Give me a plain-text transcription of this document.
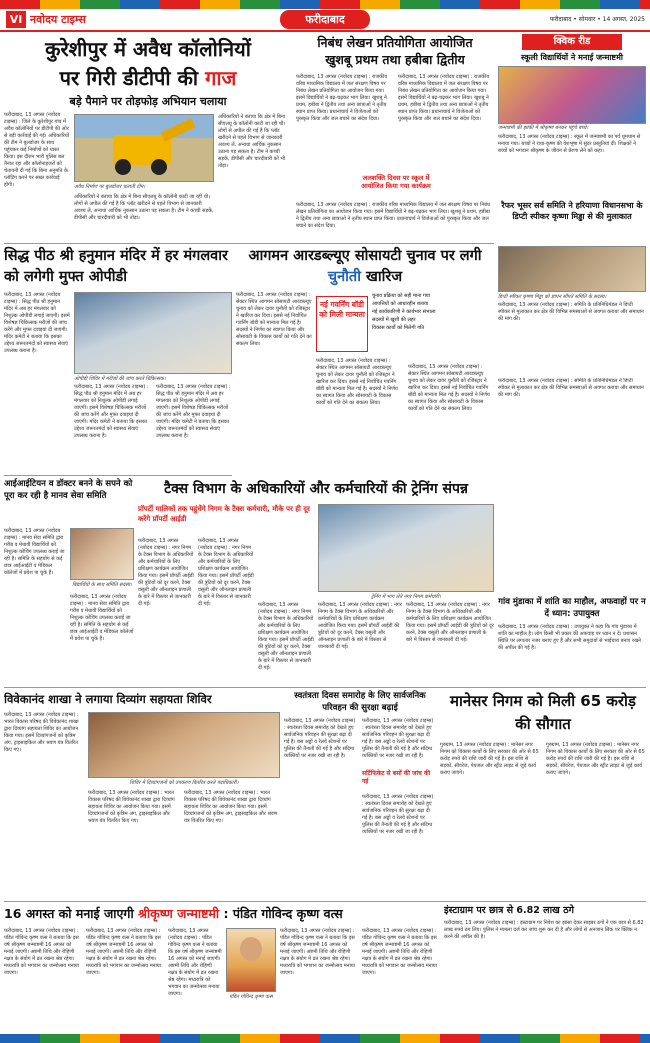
VI नवोदय टाइम्स	फरीदाबाद	फरीदाबाद • सोमवार • 14 अगस्त, 2025
कुरेशीपुर में अवैध कॉलोनियों
पर गिरी डीटीपी की गाज
बड़े पैमाने पर तोड़फोड़ अभियान चलाया
फरीदाबाद, 13 अगस्त (नवोदय टाइम्स) : जिले के कुरेशीपुर गांव में अवैध कॉलोनियों पर डीटीपी की ओर से बड़ी कार्रवाई की गई। अधिकारियों की टीम ने बुलडोजर के साथ पहुंचकर कई निर्माणों को ध्वस्त किया। इस दौरान भारी पुलिस बल तैनात रहा और कॉलोनाइजरों को चेतावनी दी गई कि बिना अनुमति के प्लॉटिंग करने पर सख्त कार्रवाई होगी।	अवैध निर्माण पर बुलडोजर चलाती टीम।
अधिकारियों ने बताया कि क्षेत्र में बिना सीएलयू के कॉलोनी काटी जा रही थी। लोगों से अपील की गई है कि प्लॉट खरीदने से पहले विभाग से जानकारी अवश्य लें, अन्यथा आर्थिक नुकसान उठाना पड़ सकता है। टीम ने कच्ची सड़कें, डीपीसी और चारदीवारी को भी तोड़ा।
अधिकारियों ने बताया कि क्षेत्र में बिना सीएलयू के कॉलोनी काटी जा रही थी। लोगों से अपील की गई है कि प्लॉट खरीदने से पहले विभाग से जानकारी अवश्य लें, अन्यथा आर्थिक नुकसान उठाना पड़ सकता है। टीम ने कच्ची सड़कें, डीपीसी और चारदीवारी को भी तोड़ा।
निबंध लेखन प्रतियोगिता आयोजित
खुशबू प्रथम तथा हबीबा द्वितीय
फरीदाबाद, 13 अगस्त (नवोदय टाइम्स) : राजकीय वरिष्ठ माध्यमिक विद्यालय में जल संरक्षण विषय पर निबंध लेखन प्रतियोगिता का आयोजन किया गया। इसमें विद्यार्थियों ने बढ़-चढ़कर भाग लिया। खुशबू ने प्रथम, हबीबा ने द्वितीय तथा अन्य छात्राओं ने तृतीय स्थान प्राप्त किया। प्रधानाचार्य ने विजेताओं को पुरस्कृत किया और जल बचाने का संदेश दिया।
फरीदाबाद, 13 अगस्त (नवोदय टाइम्स) : राजकीय वरिष्ठ माध्यमिक विद्यालय में जल संरक्षण विषय पर निबंध लेखन प्रतियोगिता का आयोजन किया गया। इसमें विद्यार्थियों ने बढ़-चढ़कर भाग लिया। खुशबू ने प्रथम, हबीबा ने द्वितीय तथा अन्य छात्राओं ने तृतीय स्थान प्राप्त किया। प्रधानाचार्य ने विजेताओं को पुरस्कृत किया और जल बचाने का संदेश दिया।
जलशक्ति दिवस पर स्कूल में आयोजित किया गया कार्यक्रम
फरीदाबाद, 13 अगस्त (नवोदय टाइम्स) : राजकीय वरिष्ठ माध्यमिक विद्यालय में जल संरक्षण विषय पर निबंध लेखन प्रतियोगिता का आयोजन किया गया। इसमें विद्यार्थियों ने बढ़-चढ़कर भाग लिया। खुशबू ने प्रथम, हबीबा ने द्वितीय तथा अन्य छात्राओं ने तृतीय स्थान प्राप्त किया। प्रधानाचार्य ने विजेताओं को पुरस्कृत किया और जल बचाने का संदेश दिया।
क्विक रीड
स्कूली विद्यार्थियों ने मनाई जन्माष्टमी
जन्माष्टमी की झांकी में श्रीकृष्ण बनकर पहुंचे बच्चे।
फरीदाबाद, 13 अगस्त (नवोदय टाइम्स) : स्कूल में जन्माष्टमी का पर्व धूमधाम से मनाया गया। बच्चों ने राधा-कृष्ण की वेशभूषा में सुंदर प्रस्तुतियां दीं। शिक्षकों ने बच्चों को भगवान श्रीकृष्ण के जीवन से प्रेरणा लेने को कहा।
रैफर भूसर सर्व समिति ने हरियाणा विधानसभा के डिप्टी स्पीकर कृष्णा मिड्ढा से की मुलाकात
डिप्टी स्पीकर कृष्णा मिड्ढा को ज्ञापन सौंपते समिति के सदस्य।
फरीदाबाद, 13 अगस्त (नवोदय टाइम्स) : समिति के प्रतिनिधिमंडल ने डिप्टी स्पीकर से मुलाकात कर क्षेत्र की विभिन्न समस्याओं से अवगत कराया और समाधान की मांग की।
सिद्ध पीठ श्री हनुमान मंदिर में हर मंगलवार को लगेगी मुफ्त ओपीडी
फरीदाबाद, 13 अगस्त (नवोदय टाइम्स) : सिद्ध पीठ श्री हनुमान मंदिर में अब हर मंगलवार को निशुल्क ओपीडी लगाई जाएगी। इसमें विशेषज्ञ चिकित्सक मरीजों की जांच करेंगे और मुफ्त दवाइयां दी जाएंगी। मंदिर कमेटी ने बताया कि इसका उद्देश्य जरूरतमंदों को स्वास्थ्य सेवाएं उपलब्ध कराना है।
ओपीडी शिविर में मरीजों की जांच करते चिकित्सक।
फरीदाबाद, 13 अगस्त (नवोदय टाइम्स) : सिद्ध पीठ श्री हनुमान मंदिर में अब हर मंगलवार को निशुल्क ओपीडी लगाई जाएगी। इसमें विशेषज्ञ चिकित्सक मरीजों की जांच करेंगे और मुफ्त दवाइयां दी जाएंगी। मंदिर कमेटी ने बताया कि इसका उद्देश्य जरूरतमंदों को स्वास्थ्य सेवाएं उपलब्ध कराना है।
फरीदाबाद, 13 अगस्त (नवोदय टाइम्स) : सिद्ध पीठ श्री हनुमान मंदिर में अब हर मंगलवार को निशुल्क ओपीडी लगाई जाएगी। इसमें विशेषज्ञ चिकित्सक मरीजों की जांच करेंगे और मुफ्त दवाइयां दी जाएंगी। मंदिर कमेटी ने बताया कि इसका उद्देश्य जरूरतमंदों को स्वास्थ्य सेवाएं उपलब्ध कराना है।
आगमन आरडब्ल्यूए सोसायटी चुनाव पर लगी चुनौती खारिज
फरीदाबाद, 13 अगस्त (नवोदय टाइम्स) : सेक्टर स्थित आगमन सोसायटी आरडब्ल्यूए चुनाव को लेकर दायर चुनौती को रजिस्ट्रार ने खारिज कर दिया। इससे नई निर्वाचित गवर्निंग बॉडी को मान्यता मिल गई है। सदस्यों ने निर्णय का स्वागत किया और सोसायटी के विकास कार्यों को गति देने का संकल्प लिया।
नई गवर्निंग बॉडी को मिली मान्यता
चुनाव प्रक्रिया को सही माना गया
आपत्तियों को आधारहीन बताया
नई कार्यकारिणी ने कार्यभार संभाला
सदस्यों में खुशी की लहर
विकास कार्यों को मिलेगी गति
फरीदाबाद, 13 अगस्त (नवोदय टाइम्स) : सेक्टर स्थित आगमन सोसायटी आरडब्ल्यूए चुनाव को लेकर दायर चुनौती को रजिस्ट्रार ने खारिज कर दिया। इससे नई निर्वाचित गवर्निंग बॉडी को मान्यता मिल गई है। सदस्यों ने निर्णय का स्वागत किया और सोसायटी के विकास कार्यों को गति देने का संकल्प लिया।
फरीदाबाद, 13 अगस्त (नवोदय टाइम्स) : सेक्टर स्थित आगमन सोसायटी आरडब्ल्यूए चुनाव को लेकर दायर चुनौती को रजिस्ट्रार ने खारिज कर दिया। इससे नई निर्वाचित गवर्निंग बॉडी को मान्यता मिल गई है। सदस्यों ने निर्णय का स्वागत किया और सोसायटी के विकास कार्यों को गति देने का संकल्प लिया।
आईआईटियन व डॉक्टर बनने के सपने को पूरा कर रही है मानव सेवा समिति
फरीदाबाद, 13 अगस्त (नवोदय टाइम्स) : मानव सेवा समिति द्वारा गरीब व मेधावी विद्यार्थियों को निशुल्क कोचिंग उपलब्ध कराई जा रही है। समिति के सहयोग से कई छात्र आईआईटी व मेडिकल कॉलेजों में प्रवेश पा चुके हैं।
विद्यार्थियों के साथ समिति सदस्य।
फरीदाबाद, 13 अगस्त (नवोदय टाइम्स) : मानव सेवा समिति द्वारा गरीब व मेधावी विद्यार्थियों को निशुल्क कोचिंग उपलब्ध कराई जा रही है। समिति के सहयोग से कई छात्र आईआईटी व मेडिकल कॉलेजों में प्रवेश पा चुके हैं।
टैक्स विभाग के अधिकारियों और कर्मचारियों की ट्रेनिंग संपन्न
प्रॉपर्टी मालिकों तक पहुंचेंगे निगम के टैक्स कर्मचारी, मौके पर ही दूर करेंगे प्रॉपर्टी आईडी
फरीदाबाद, 13 अगस्त (नवोदय टाइम्स) : नगर निगम के टैक्स विभाग के अधिकारियों और कर्मचारियों के लिए प्रशिक्षण कार्यक्रम आयोजित किया गया। इसमें प्रॉपर्टी आईडी की त्रुटियों को दूर करने, टैक्स वसूली और ऑनलाइन प्रणाली के बारे में विस्तार से जानकारी दी गई।
फरीदाबाद, 13 अगस्त (नवोदय टाइम्स) : नगर निगम के टैक्स विभाग के अधिकारियों और कर्मचारियों के लिए प्रशिक्षण कार्यक्रम आयोजित किया गया। इसमें प्रॉपर्टी आईडी की त्रुटियों को दूर करने, टैक्स वसूली और ऑनलाइन प्रणाली के बारे में विस्तार से जानकारी दी गई।
ट्रेनिंग में भाग लेते नगर निगम कर्मचारी।
फरीदाबाद, 13 अगस्त (नवोदय टाइम्स) : नगर निगम के टैक्स विभाग के अधिकारियों और कर्मचारियों के लिए प्रशिक्षण कार्यक्रम आयोजित किया गया। इसमें प्रॉपर्टी आईडी की त्रुटियों को दूर करने, टैक्स वसूली और ऑनलाइन प्रणाली के बारे में विस्तार से जानकारी दी गई।
फरीदाबाद, 13 अगस्त (नवोदय टाइम्स) : नगर निगम के टैक्स विभाग के अधिकारियों और कर्मचारियों के लिए प्रशिक्षण कार्यक्रम आयोजित किया गया। इसमें प्रॉपर्टी आईडी की त्रुटियों को दूर करने, टैक्स वसूली और ऑनलाइन प्रणाली के बारे में विस्तार से जानकारी दी गई।
फरीदाबाद, 13 अगस्त (नवोदय टाइम्स) : नगर निगम के टैक्स विभाग के अधिकारियों और कर्मचारियों के लिए प्रशिक्षण कार्यक्रम आयोजित किया गया। इसमें प्रॉपर्टी आईडी की त्रुटियों को दूर करने, टैक्स वसूली और ऑनलाइन प्रणाली के बारे में विस्तार से जानकारी दी गई।
फरीदाबाद, 13 अगस्त (नवोदय टाइम्स) : समिति के प्रतिनिधिमंडल ने डिप्टी स्पीकर से मुलाकात कर क्षेत्र की विभिन्न समस्याओं से अवगत कराया और समाधान की मांग की।
गांव मुंडाका में शांति का माहौल, अफवाहों पर न दें ध्यान: उपायुक्त
फरीदाबाद, 13 अगस्त (नवोदय टाइम्स) : उपायुक्त ने कहा कि गांव मुंडाका में शांति का माहौल है। लोग किसी भी प्रकार की अफवाह पर ध्यान न दें। प्रशासन स्थिति पर लगातार नजर बनाए हुए है और सभी समुदायों से भाईचारा बनाए रखने की अपील की गई है।
विवेकानंद शाखा ने लगाया दिव्यांग सहायता शिविर
फरीदाबाद, 13 अगस्त (नवोदय टाइम्स) : भारत विकास परिषद की विवेकानंद शाखा द्वारा दिव्यांग सहायता शिविर का आयोजन किया गया। इसमें दिव्यांगजनों को कृत्रिम अंग, ट्राइसाइकिल और श्रवण यंत्र वितरित किए गए।
शिविर में दिव्यांगजनों को उपकरण वितरित करते पदाधिकारी।
फरीदाबाद, 13 अगस्त (नवोदय टाइम्स) : भारत विकास परिषद की विवेकानंद शाखा द्वारा दिव्यांग सहायता शिविर का आयोजन किया गया। इसमें दिव्यांगजनों को कृत्रिम अंग, ट्राइसाइकिल और श्रवण यंत्र वितरित किए गए।
फरीदाबाद, 13 अगस्त (नवोदय टाइम्स) : भारत विकास परिषद की विवेकानंद शाखा द्वारा दिव्यांग सहायता शिविर का आयोजन किया गया। इसमें दिव्यांगजनों को कृत्रिम अंग, ट्राइसाइकिल और श्रवण यंत्र वितरित किए गए।
स्वतंत्रता दिवस समारोह के लिए सार्वजनिक परिवहन की सुरक्षा बढ़ाई
फरीदाबाद, 13 अगस्त (नवोदय टाइम्स) : स्वतंत्रता दिवस समारोह को देखते हुए सार्वजनिक परिवहन की सुरक्षा बढ़ा दी गई है। बस अड्डों व रेलवे स्टेशनों पर पुलिस की तैनाती की गई है और संदिग्ध व्यक्तियों पर नजर रखी जा रही है।
सर्टिफिकेट से बसों की जांच की गई
फरीदाबाद, 13 अगस्त (नवोदय टाइम्स) : स्वतंत्रता दिवस समारोह को देखते हुए सार्वजनिक परिवहन की सुरक्षा बढ़ा दी गई है। बस अड्डों व रेलवे स्टेशनों पर पुलिस की तैनाती की गई है और संदिग्ध व्यक्तियों पर नजर रखी जा रही है।
फरीदाबाद, 13 अगस्त (नवोदय टाइम्स) : स्वतंत्रता दिवस समारोह को देखते हुए सार्वजनिक परिवहन की सुरक्षा बढ़ा दी गई है। बस अड्डों व रेलवे स्टेशनों पर पुलिस की तैनाती की गई है और संदिग्ध व्यक्तियों पर नजर रखी जा रही है।
मानेसर निगम को मिली 65 करोड़ की सौगात
गुरुग्राम, 13 अगस्त (नवोदय टाइम्स) : मानेसर नगर निगम को विकास कार्यों के लिए सरकार की ओर से 65 करोड़ रुपये की राशि जारी की गई है। इस राशि से सड़कों, सीवरेज, पेयजल और स्ट्रीट लाइट से जुड़े कार्य कराए जाएंगे।
गुरुग्राम, 13 अगस्त (नवोदय टाइम्स) : मानेसर नगर निगम को विकास कार्यों के लिए सरकार की ओर से 65 करोड़ रुपये की राशि जारी की गई है। इस राशि से सड़कों, सीवरेज, पेयजल और स्ट्रीट लाइट से जुड़े कार्य कराए जाएंगे।
16 अगस्त को मनाई जाएगी श्रीकृष्ण जन्माष्टमी : पंडित गोविन्द कृष्ण वत्स
फरीदाबाद, 13 अगस्त (नवोदय टाइम्स) : पंडित गोविन्द कृष्ण वत्स ने बताया कि इस वर्ष श्रीकृष्ण जन्माष्टमी 16 अगस्त को मनाई जाएगी। अष्टमी तिथि और रोहिणी नक्षत्र के संयोग में व्रत रखना श्रेष्ठ रहेगा। मध्यरात्रि को भगवान का जन्मोत्सव मनाया जाएगा।
फरीदाबाद, 13 अगस्त (नवोदय टाइम्स) : पंडित गोविन्द कृष्ण वत्स ने बताया कि इस वर्ष श्रीकृष्ण जन्माष्टमी 16 अगस्त को मनाई जाएगी। अष्टमी तिथि और रोहिणी नक्षत्र के संयोग में व्रत रखना श्रेष्ठ रहेगा। मध्यरात्रि को भगवान का जन्मोत्सव मनाया जाएगा।
फरीदाबाद, 13 अगस्त (नवोदय टाइम्स) : पंडित गोविन्द कृष्ण वत्स ने बताया कि इस वर्ष श्रीकृष्ण जन्माष्टमी 16 अगस्त को मनाई जाएगी। अष्टमी तिथि और रोहिणी नक्षत्र के संयोग में व्रत रखना श्रेष्ठ रहेगा। मध्यरात्रि को भगवान का जन्मोत्सव मनाया जाएगा।	पंडित गोविन्द कृष्ण वत्स
फरीदाबाद, 13 अगस्त (नवोदय टाइम्स) : पंडित गोविन्द कृष्ण वत्स ने बताया कि इस वर्ष श्रीकृष्ण जन्माष्टमी 16 अगस्त को मनाई जाएगी। अष्टमी तिथि और रोहिणी नक्षत्र के संयोग में व्रत रखना श्रेष्ठ रहेगा। मध्यरात्रि को भगवान का जन्मोत्सव मनाया जाएगा।
फरीदाबाद, 13 अगस्त (नवोदय टाइम्स) : पंडित गोविन्द कृष्ण वत्स ने बताया कि इस वर्ष श्रीकृष्ण जन्माष्टमी 16 अगस्त को मनाई जाएगी। अष्टमी तिथि और रोहिणी नक्षत्र के संयोग में व्रत रखना श्रेष्ठ रहेगा। मध्यरात्रि को भगवान का जन्मोत्सव मनाया जाएगा।
इंस्टाग्राम पर छात्र से 6.82 लाख ठगे
फरीदाबाद, 13 अगस्त (नवोदय टाइम्स) : इंस्टाग्राम पर निवेश का झांसा देकर साइबर ठगों ने एक छात्र से 6.82 लाख रुपये ठग लिए। पुलिस ने मामला दर्ज कर जांच शुरू कर दी है और लोगों से अनजान लिंक पर क्लिक न करने की अपील की है।
